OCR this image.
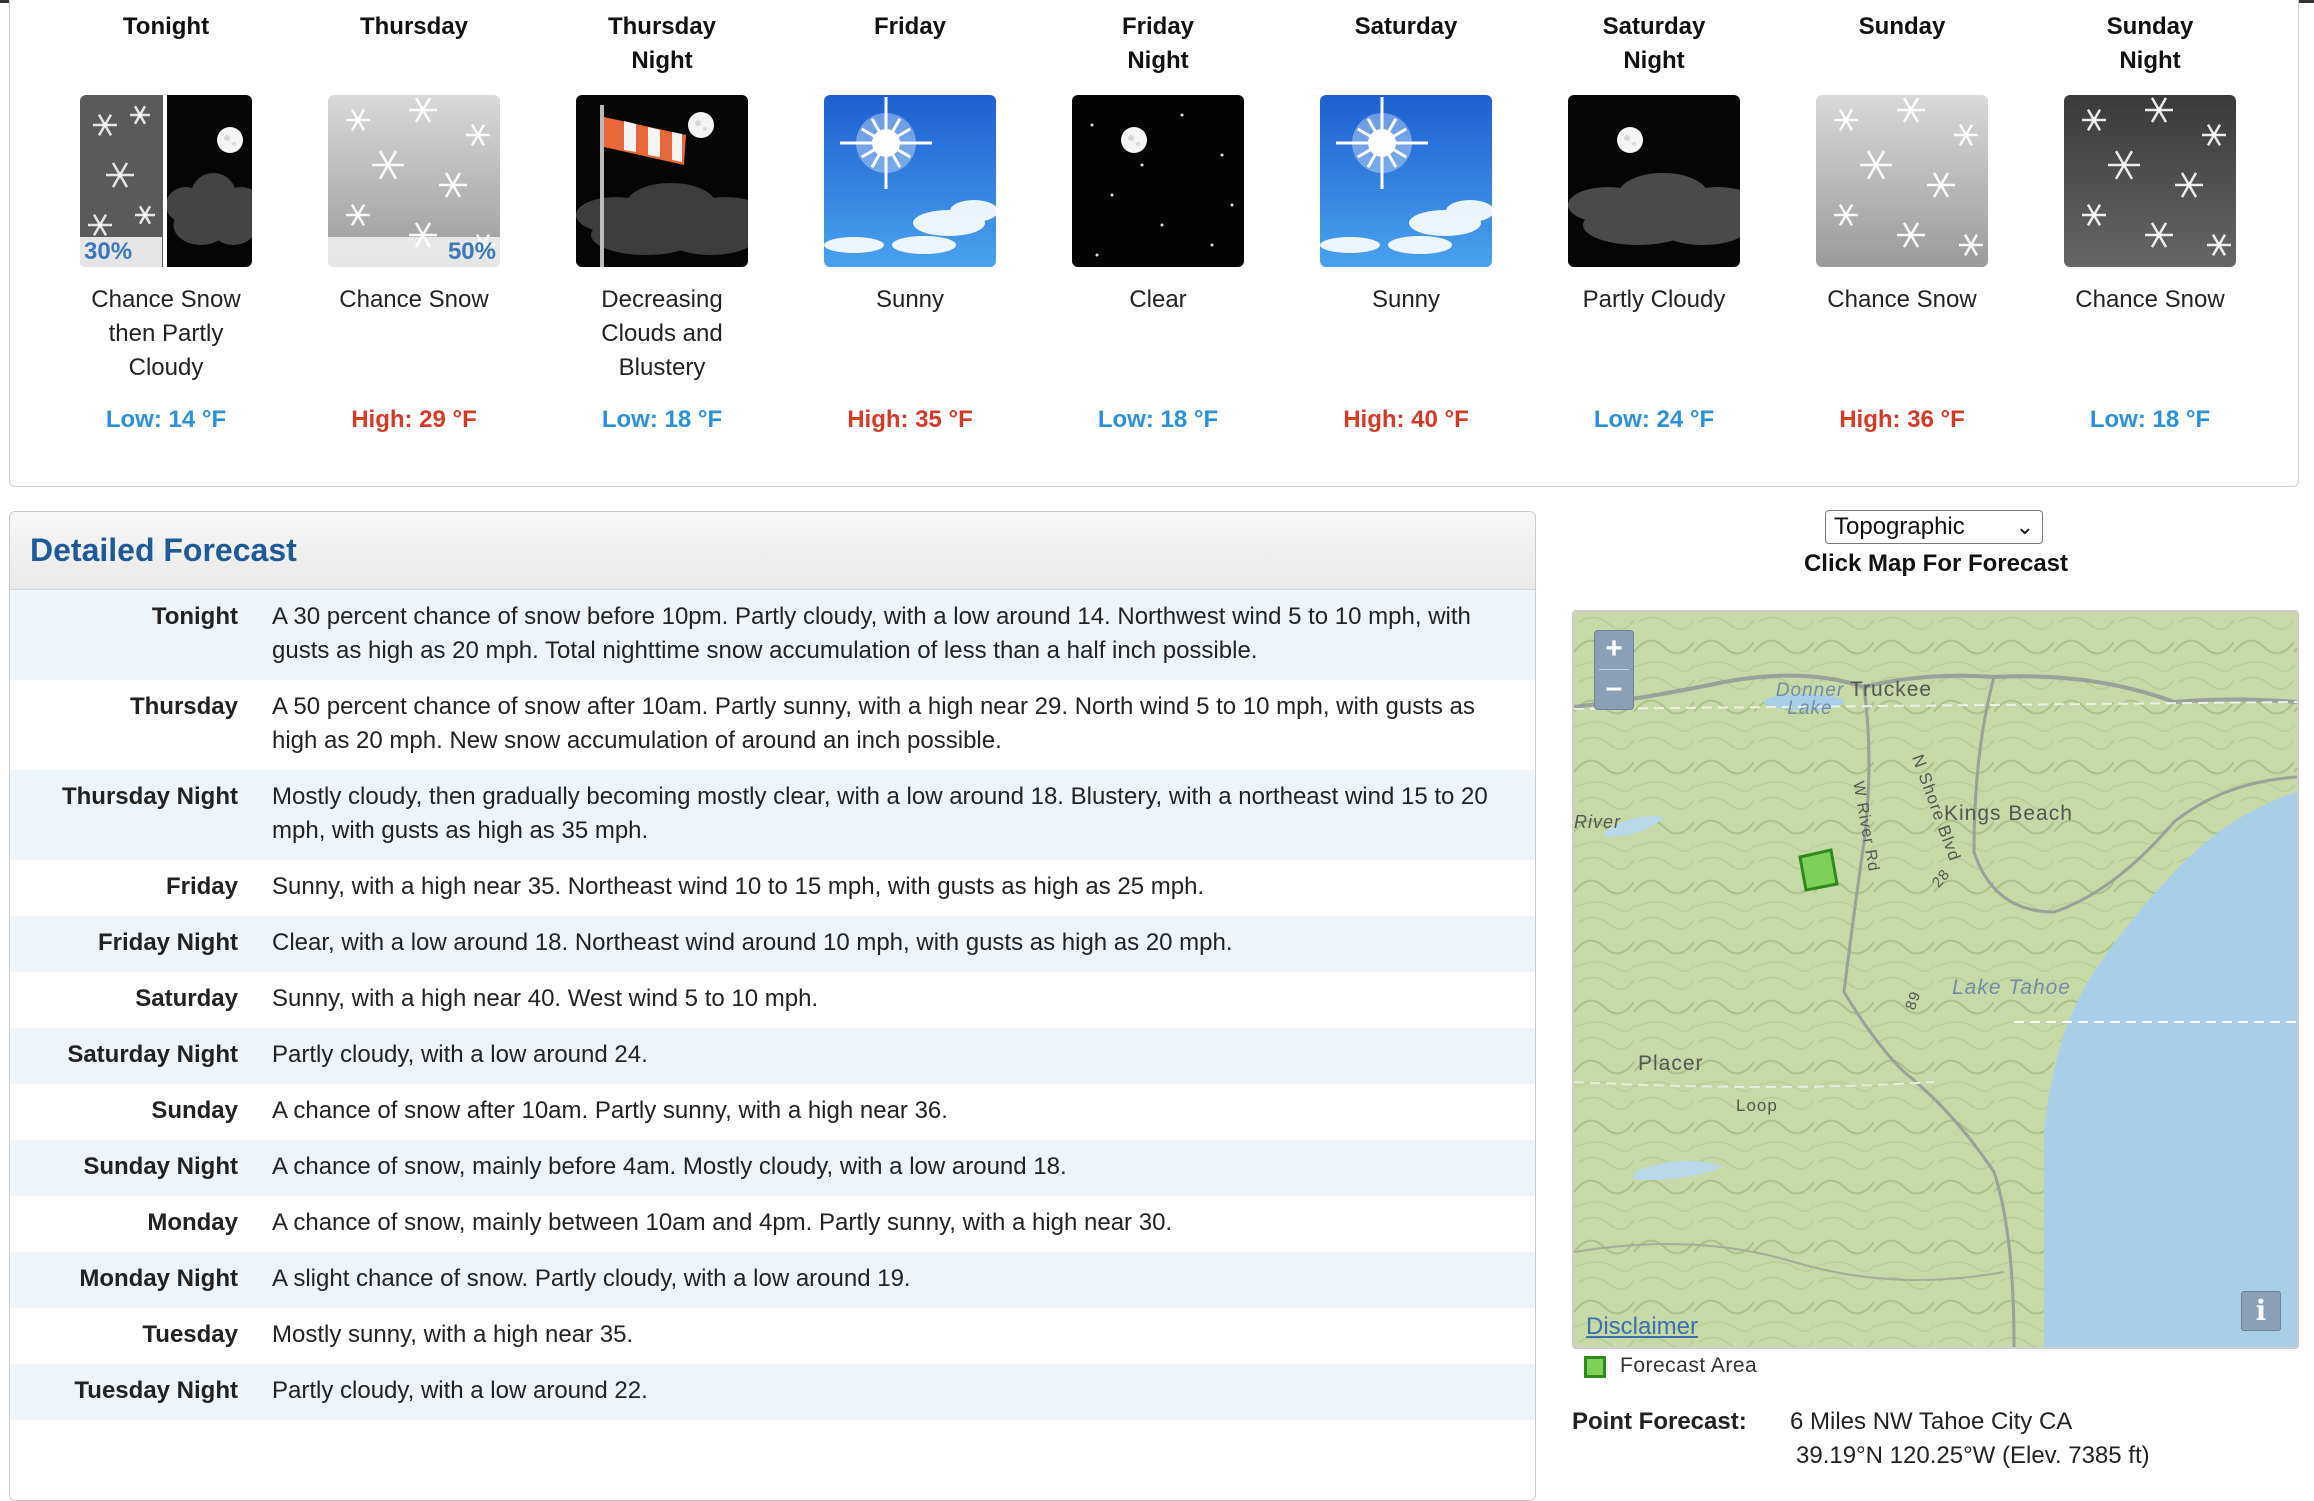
Tonight
30%
Chance Snow
then Partly
Cloudy
Low: 14 °F
Thursday
50%
Chance Snow
High: 29 °F
Thursday
Night
Decreasing
Clouds and
Blustery
Low: 18 °F
Friday
Sunny
High: 35 °F
Friday
Night
Clear
Low: 18 °F
Saturday
Sunny
High: 40 °F
Saturday
Night
Partly Cloudy
Low: 24 °F
Sunday
Chance Snow
High: 36 °F
Sunday
Night
Chance Snow
Low: 18 °F
Detailed Forecast
Tonight A 30 percent chance of snow before 10pm. Partly cloudy, with a low around 14. Northwest wind 5 to 10 mph, with
gusts as high as 20 mph. Total nighttime snow accumulation of less than a half inch possible.
Thursday A 50 percent chance of snow after 10am. Partly sunny, with a high near 29. North wind 5 to 10 mph, with gusts as
high as 20 mph. New snow accumulation of around an inch possible.
Thursday Night Mostly cloudy, then gradually becoming mostly clear, with a low around 18. Blustery, with a northeast wind 15 to 20
mph, with gusts as high as 35 mph.
Friday Sunny, with a high near 35. Northeast wind 10 to 15 mph, with gusts as high as 25 mph.
Friday Night Clear, with a low around 18. Northeast wind around 10 mph, with gusts as high as 20 mph.
Saturday Sunny, with a high near 40. West wind 5 to 10 mph.
Saturday Night Partly cloudy, with a low around 24.
Sunday A chance of snow after 10am. Partly sunny, with a high near 36.
Sunday Night A chance of snow, mainly before 4am. Mostly cloudy, with a low around 18.
Monday A chance of snow, mainly between 10am and 4pm. Partly sunny, with a high near 30.
Monday Night A slight chance of snow. Partly cloudy, with a low around 19.
Tuesday Mostly sunny, with a high near 35.
Tuesday Night Partly cloudy, with a low around 22.
Topographic ⌄
Click Map For Forecast
Truckee
Donner Lake
N Shore Blvd
W River Rd	Kings Beach
Lake Tahoe
Placer
River
Loop
28
89
+
–
i
Disclaimer
Forecast Area
Point Forecast: 6 Miles NW Tahoe City CA
39.19°N 120.25°W (Elev. 7385 ft)
